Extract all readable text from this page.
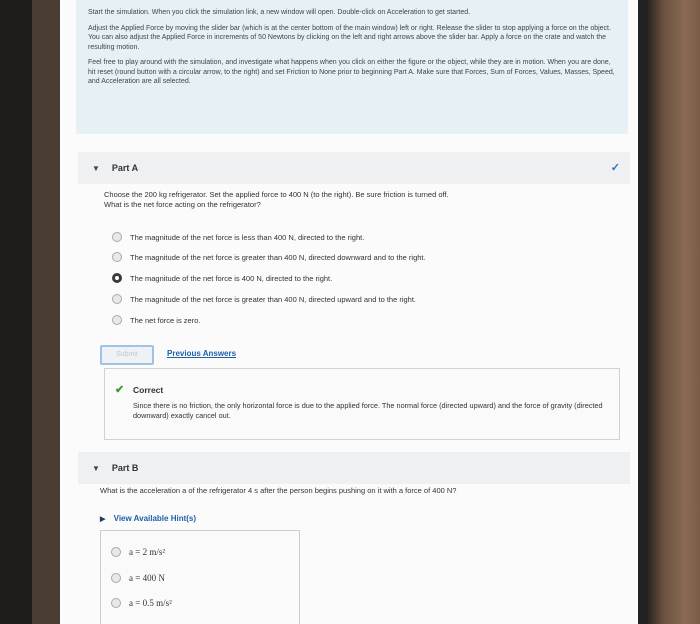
Start the simulation. When you click the simulation link, a new window will open. Double-click on Acceleration to get started.

Adjust the Applied Force by moving the slider bar (which is at the center bottom of the main window) left or right. Release the slider to stop applying a force on the object. You can also adjust the Applied Force in increments of 50 Newtons by clicking on the left and right arrows above the slider bar. Apply a force on the crate and watch the resulting motion.

Feel free to play around with the simulation, and investigate what happens when you click on either the figure or the object, while they are in motion. When you are done, hit reset (round button with a circular arrow, to the right) and set Friction to None prior to beginning Part A. Make sure that Forces, Sum of Forces, Values, Masses, Speed, and Acceleration are all selected.

▼ Part A	✓
Choose the 200 kg refrigerator. Set the applied force to 400 N (to the right). Be sure friction is turned off.
What is the net force acting on the refrigerator?
The magnitude of the net force is less than 400 N, directed to the right.
The magnitude of the net force is greater than 400 N, directed downward and to the right.
The magnitude of the net force is 400 N, directed to the right.
The magnitude of the net force is greater than 400 N, directed upward and to the right.
The net force is zero.
Submit	Previous Answers
✔ Correct
Since there is no friction, the only horizontal force is due to the applied force. The normal force (directed upward) and the force of gravity (directed downward) exactly cancel out.
▼ Part B
What is the acceleration a of the refrigerator 4 s after the person begins pushing on it with a force of 400 N?
▶ View Available Hint(s)
a = 2 m/s²
a = 400 N
a = 0.5 m/s²
